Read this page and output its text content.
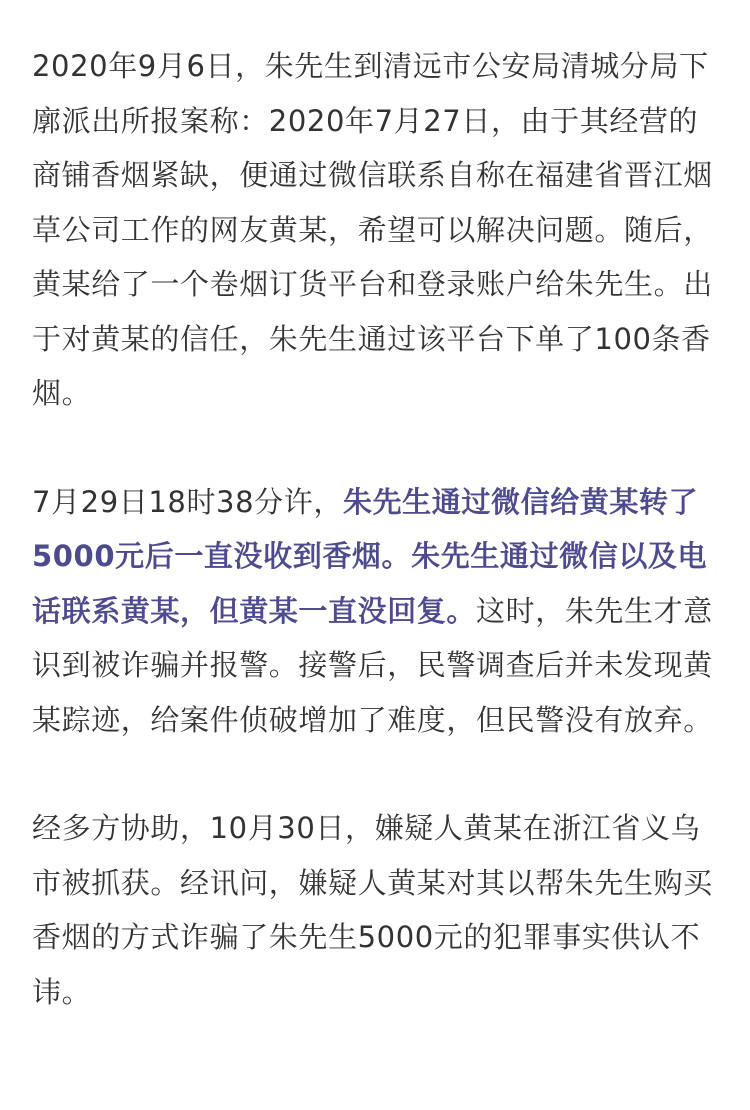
2020年9月6日，朱先生到清远市公安局清城分局下廓派出所报案称：2020年7月27日，由于其经营的商铺香烟紧缺，便通过微信联系自称在福建省晋江烟草公司工作的网友黄某，希望可以解决问题。随后，黄某给了一个卷烟订货平台和登录账户给朱先生。出于对黄某的信任，朱先生通过该平台下单了100条香烟。

7月29日18时38分许，朱先生通过微信给黄某转了5000元后一直没收到香烟。朱先生通过微信以及电话联系黄某，但黄某一直没回复。这时，朱先生才意识到被诈骗并报警。接警后，民警调查后并未发现黄某踪迹，给案件侦破增加了难度，但民警没有放弃。

经多方协助，10月30日，嫌疑人黄某在浙江省义乌市被抓获。经讯问，嫌疑人黄某对其以帮朱先生购买香烟的方式诈骗了朱先生5000元的犯罪事实供认不讳。
